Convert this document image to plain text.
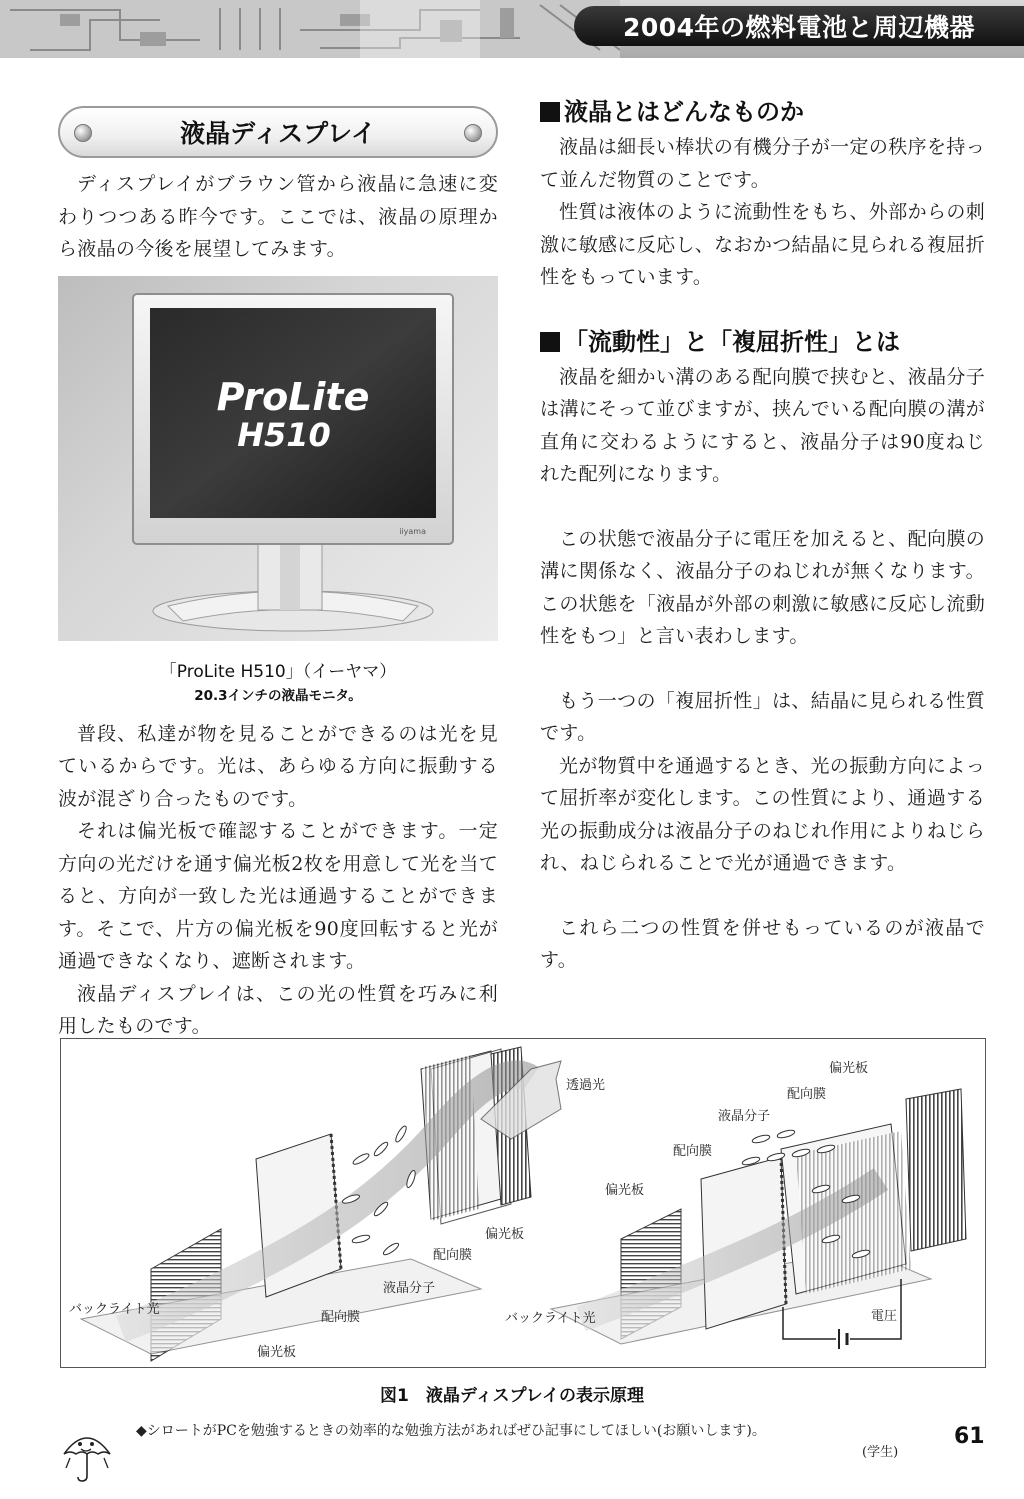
2004年の燃料電池と周辺機器
液晶ディスプレイ

ディスプレイがブラウン管から液晶に急速に変わりつつある昨今です。ここでは、液晶の原理から液晶の今後を展望してみます。

ProLite
H510
iiyama
「ProLite H510」（イーヤマ）
20.3インチの液晶モニタ。

普段、私達が物を見ることができるのは光を見ているからです。光は、あらゆる方向に振動する波が混ざり合ったものです。

それは偏光板で確認することができます。一定方向の光だけを通す偏光板2枚を用意して光を当てると、方向が一致した光は通過することができます。そこで、片方の偏光板を90度回転すると光が通過できなくなり、遮断されます。

液晶ディスプレイは、この光の性質を巧みに利用したものです。

液晶とはどんなものか

液晶は細長い棒状の有機分子が一定の秩序を持って並んだ物質のことです。

性質は液体のように流動性をもち、外部からの刺激に敏感に反応し、なおかつ結晶に見られる複屈折性をもっています。

「流動性」と「複屈折性」とは

液晶を細かい溝のある配向膜で挟むと、液晶分子は溝にそって並びますが、挟んでいる配向膜の溝が直角に交わるようにすると、液晶分子は90度ねじれた配列になります。

この状態で液晶分子に電圧を加えると、配向膜の溝に関係なく、液晶分子のねじれが無くなります。この状態を「液晶が外部の刺激に敏感に反応し流動性をもつ」と言い表わします。

もう一つの「複屈折性」は、結晶に見られる性質です。

光が物質中を通過するとき、光の振動方向によって屈折率が変化します。この性質により、通過する光の振動成分は液晶分子のねじれ作用によりねじられ、ねじられることで光が通過できます。

これら二つの性質を併せもっているのが液晶です。

透過光
偏光板
配向膜
液晶分子
バックライト光
配向膜
偏光板
偏光板
配向膜
液晶分子
配向膜
偏光板
バックライト光	電圧
図1　液晶ディスプレイの表示原理
◆シロートがPCを勉強するときの効率的な勉強方法があればぜひ記事にしてほしい(お願いします)。
(学生)
61
